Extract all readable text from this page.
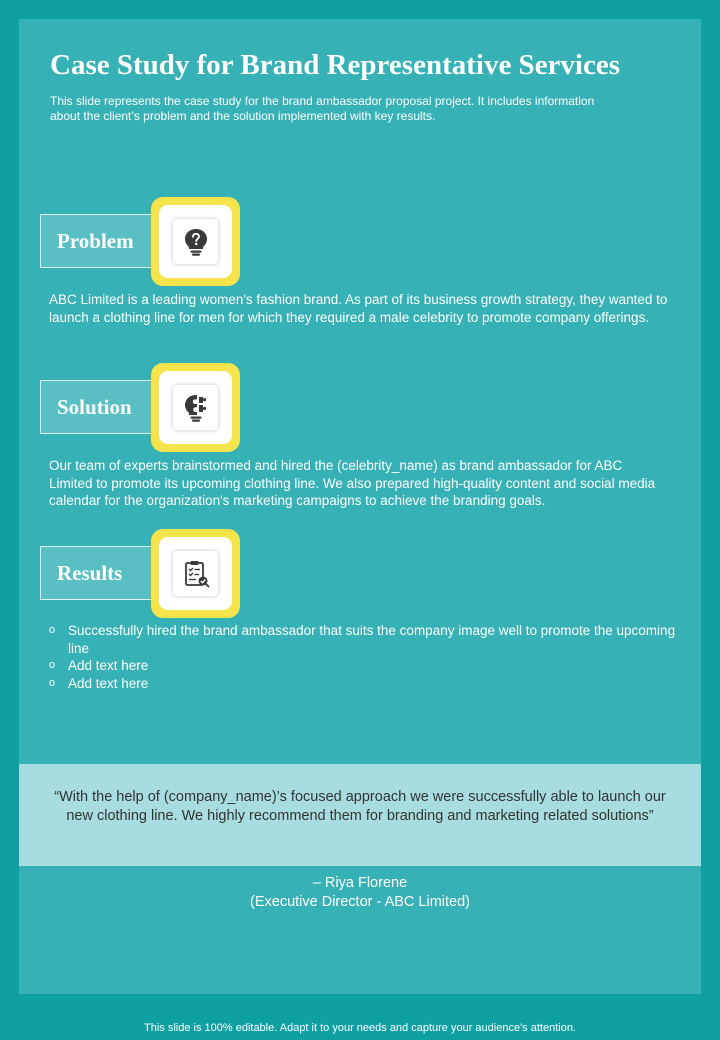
Case Study for Brand Representative Services
This slide represents the case study for the brand ambassador proposal project. It includes information about the client’s problem and the solution implemented with key results.
Problem
ABC Limited is a leading women's fashion brand. As part of its business growth strategy, they wanted to launch a clothing line for men for which they required a male celebrity to promote company offerings.
Solution
Our team of experts brainstormed and hired the (celebrity_name) as brand ambassador for ABC Limited to promote its upcoming clothing line. We also prepared high-quality content and social media calendar for the organization's marketing campaigns to achieve the branding goals.
Results
o Successfully hired the brand ambassador that suits the company image well to promote the upcoming line
o Add text here
o Add text here
“With the help of (company_name)’s focused approach we were successfully able to launch our new clothing line. We highly recommend them for branding and marketing related solutions”
– Riya Florene
(Executive Director - ABC Limited)
This slide is 100% editable. Adapt it to your needs and capture your audience's attention.
